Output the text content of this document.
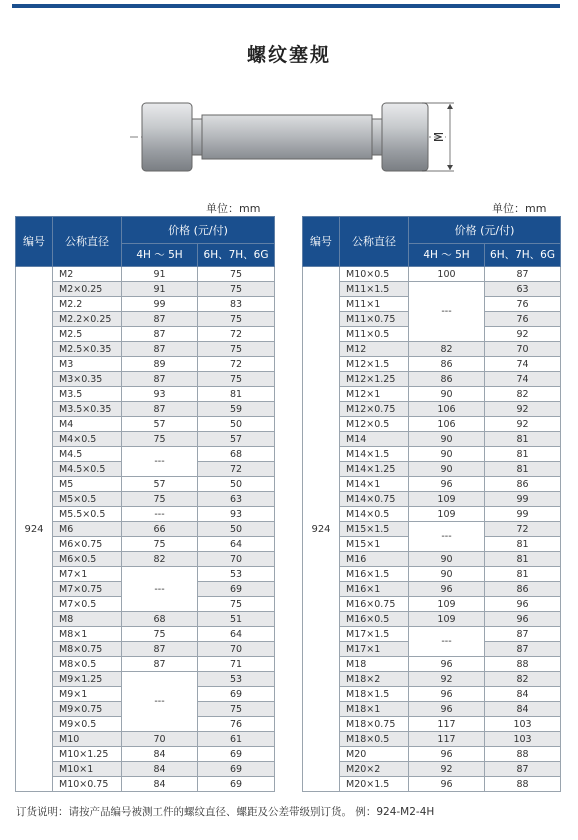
螺纹塞规
M
单位：mm	单位：mm
编号	公称直径	价格 (元/付)	
		4H ～ 5H	6H、7H、6G
924	M2	91	75
	M2×0.25	91	75
	M2.2	99	83
	M2.2×0.25	87	75
	M2.5	87	72
	M2.5×0.35	87	75
	M3	89	72
	M3×0.35	87	75
	M3.5	93	81
	M3.5×0.35	87	59
	M4	57	50
	M4×0.5	75	57
	M4.5	---	68
	M4.5×0.5		72
	M5	57	50
	M5×0.5	75	63
	M5.5×0.5	---	93
	M6	66	50
	M6×0.75	75	64
	M6×0.5	82	70
	M7×1	---	53
	M7×0.75		69
	M7×0.5		75
	M8	68	51
	M8×1	75	64
	M8×0.75	87	70
	M8×0.5	87	71
	M9×1.25	---	53
	M9×1		69
	M9×0.75		75
	M9×0.5		76
	M10	70	61
	M10×1.25	84	69
	M10×1	84	69
	M10×0.75	84	69
编号	公称直径	价格 (元/付)	
		4H ～ 5H	6H、7H、6G
924	M10×0.5	100	87
	M11×1.5	---	63
	M11×1		76
	M11×0.75		76
	M11×0.5		92
	M12	82	70
	M12×1.5	86	74
	M12×1.25	86	74
	M12×1	90	82
	M12×0.75	106	92
	M12×0.5	106	92
	M14	90	81
	M14×1.5	90	81
	M14×1.25	90	81
	M14×1	96	86
	M14×0.75	109	99
	M14×0.5	109	99
	M15×1.5	---	72
	M15×1		81
	M16	90	81
	M16×1.5	90	81
	M16×1	96	86
	M16×0.75	109	96
	M16×0.5	109	96
	M17×1.5	---	87
	M17×1		87
	M18	96	88
	M18×2	92	82
	M18×1.5	96	84
	M18×1	96	84
	M18×0.75	117	103
	M18×0.5	117	103
	M20	96	88
	M20×2	92	87
	M20×1.5	96	88
订货说明：请按产品编号被测工件的螺纹直径、螺距及公差带级别订货。 例：924-M2-4H
